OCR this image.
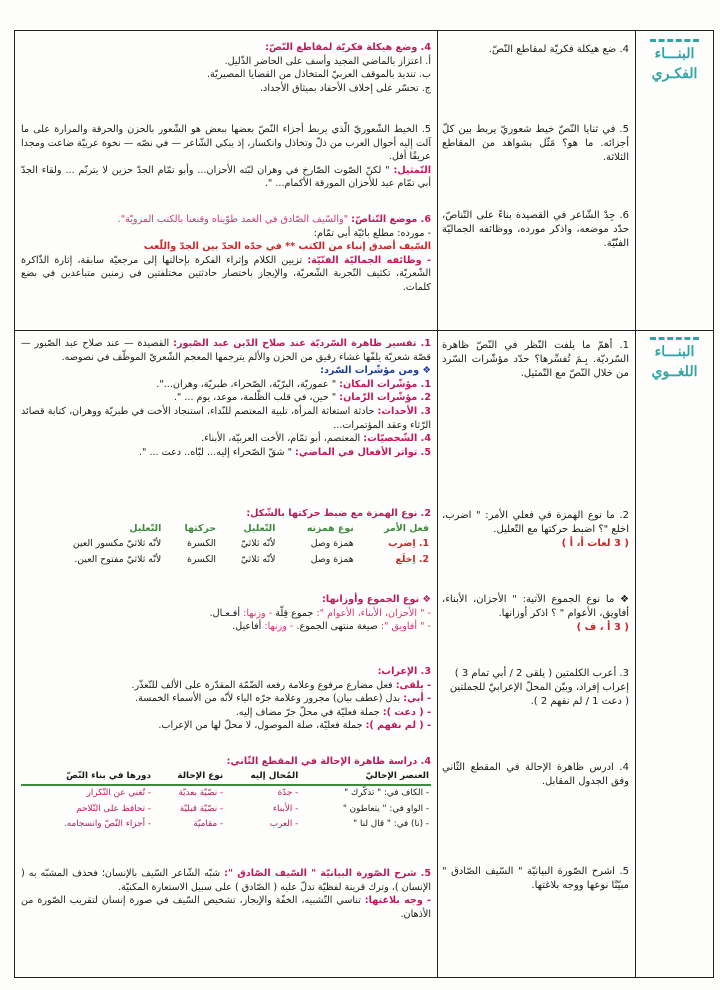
البنـــاء الفكـري
4. ضع هيكلة فكريّة لمقاطع النّصّ.
5. في ثنايا النّصّ خيط شعوريّ يربط بين كلّ أجزائه. ما هو؟ مَثّل بشواهد من المقاطع الثلاثة.
6. جِدْ الشّاعر في القصيدة بناءً على التّناصّ، حدّد موضعه، واذكر مورده، ووظائفه الجماليّة الفنّيّة.

4. وضع هيكلة فكريّة لمقاطع النّصّ:

أ. اعتزاز بالماضي المجيد وأسف على الحاضر الذّليل.

ب. تنديد بالموقف العربيّ المتخاذل من القضايا المصيريّة.

ج. تحسّر على إخلاف الأحفاد بميثاق الأجداد.

5. الخيط الشّعوريّ الّذي يربط أجزاء النّصّ بعضها ببعض هو الشّعور بالحزن والحرقة والمرارة على ما آلت إليه أحوال العرب من ذلّ وتخاذل وانكسار، إذ يبكي الشّاعر — في نصّه — نخوة عربيّة ضاعت ومجدا عريقًا أفل.

التّمثيل: " لكنّ الصّوت الصّارخ في وهران لبّته الأحزان... وأبو تمّام الجدّ حزين لا يترنّم ... ولقاء الجدّ أبي تمّام عيد للأحزان المورقة الأكمام... ".

6. موضع التّناصّ: "والسّيف الصّادق في الغمد طوّيناه وقنعنا بالكتب المرويّة".

- مورده: مطلع بائيّة أبي تمّام:

السّيف أصدق إنباء من الكتب ** في حدّه الحدّ بين الجدّ واللّعب

- وظائفه الجماليّة الفنّيّة: تزيين الكلام وإثراء الفكرة بإحالتها إلى مرجعيّة سابقة، إثارة الذّاكرة الشّعريّة، تكثيف التّجربة الشّعريّة، والإيجاز باختصار حادثتين مختلفتين في زمنين متباعدين في بضع كلمات.

البنـــاء اللغــوي
1. أهمّ ما يلفت النّظر في النّصّ ظاهرة السّرديّة. بِـمَ تُفسِّرها؟ حدّد مؤشّرات السّرد من خلال النّصّ مع التّمثيل.

2. ما نوع الهمزة في فعلي الأمر: " اضرب، اخلع "؟ اضبط حركتها مع التّعليل.

( 3 لغات أ، أ )

❖ ما نوع الجموع الآتية: " الأحزان، الأبناء، أفاويق، الأعوام " ؟ اذكر أوزانها.

( 3 أ ، ف )

3. أعرب الكلمتين ( يلقى 2 / أبي تمام 3 )

إعراب إفراد، وبيّن المحلّ الإعرابيّ للجملتين

( دعت 1 / لم نفهم 2 ).

4. ادرس ظاهرة الإحالة في المقطع الثّاني وفق الجدول المقابل.
5. اشرح الصّورة البيانيّة " السّيف الصّادق " مبيّنًا نوعها ووجه بلاغتها.

1. تفسير ظاهرة السّرديّة عند صلاح الدّين عبد الصّبور: القصيدة — عند صلاح عبد الصّبور — قصّة شعريّة يلفّها غشاء رقيق من الحزن والألم يترجمها المعجم الشّعريّ الموظّف في نصوصه.

❖ ومن مؤشّرات السّرد:

1. مؤشّرات المكان: " عموريّة، البرّيّة، الصّحراء، طبريّة، وهران...".

2. مؤشّرات الزّمان: " حين، في قلب الظّلمة، موعد، يوم ... ".

3. الأحداث: حادثة استغاثة المرأة، تلبية المعتصم للنّداء، استنجاد الأخت في طبريّة ووهران، كتابة قصائد الرّثاء وعقد المؤتمرات...

4. الشّخصيّات: المعتصم، أبو تمّام، الأخت العربيّة، الأبناء.

5. تواتر الأفعال في الماضي: " شقّ الصّحراء إليه... لبّاه.. دعت ... ".

2. نوع الهمزة مع ضبط حركتها بالشّكل:

فعل الأمر	نوع همزته	التّعليل	حركتها	التّعليل
1. اِضرب	همزة وصل	لأنّه ثلاثيّ	الكسرة	لأنّه ثلاثيّ مكسور العين
2. اِخلَع	همزة وصل	لأنّه ثلاثيّ	الكسرة	لأنّه ثلاثيّ مفتوح العين.

❖ نوع الجموع وأوزانها:

- " الأحزان، الأبناء، الأعوام ": جموع قِلّة - وزنها: أفـعـال.

- " أفاويق ": صيغة منتهى الجموع. - وزنها: أفاعيل.

3. الإعراب:

- يلقى: فعل مضارع مرفوع وعلامة رفعه الضّمّة المقدّرة على الألف للتّعذّر.

- أبي: بدل (عطف بيان) مجرور وعلامة جرّه الياء لأنّه من الأسماء الخمسة.

- ( دعت ): جملة فعليّة في محلّ جرّ مضاف إليه.

- ( لم نفهم ): جملة فعليّة، صلة الموصول، لا محلّ لها من الإعراب.

4. دراسة ظاهرة الإحالة في المقطع الثّاني:

العنصر الإحاليّ	المُحال إليه	نوع الإحالة	دورها في بناء النّصّ
- الكاف في: " تذكّرك "	- جدّة	- نصّيّة بعديّة	- تُغني عن التّكرار
- الواو في: " يتعاطون "	- الأبناء	- نصّيّة قبليّة	- تحافظ على التّلاحم
- (نا) في: " قال لنا "	- العرب	- مقاميّة	- أجزاء النّصّ وانسجامه.

5. شرح الصّورة البيانيّة " السّيف الصّادق ": شبّه الشّاعر السّيف بالإنسان؛ فحذف المشبّه به ( الإنسان )، وترك قرينة لفظيّة تدلّ عليه ( الصّادق ) على سبيل الاستعارة المكنيّة.

- وجه بلاغتها: تناسي التّشبيه، الخفّة والإيجاز، تشخيص السّيف في صورة إنسان لتقريب الصّورة من الأذهان.
